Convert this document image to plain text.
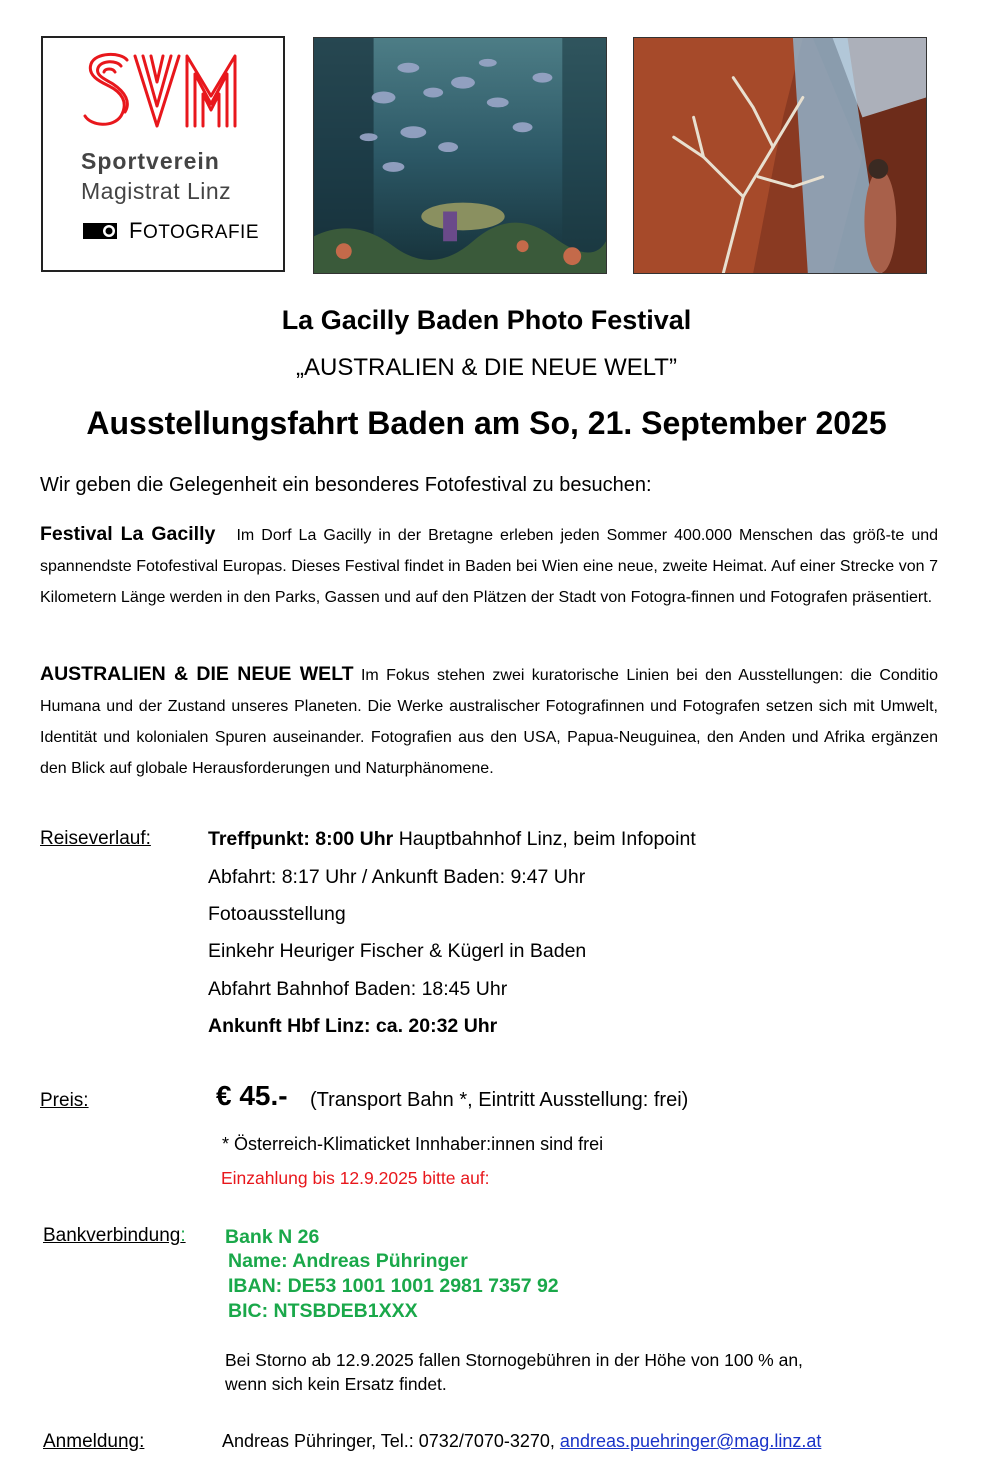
Sportverein
Magistrat Linz
FOTOGRAFIE
La Gacilly Baden Photo Festival
„AUSTRALIEN & DIE NEUE WELT”
Ausstellungsfahrt Baden am So, 21. September 2025
Wir geben die Gelegenheit ein besonderes Fotofestival zu besuchen:
Festival La Gacilly Im Dorf La Gacilly in der Bretagne erleben jeden Sommer 400.000 Menschen das größ-te und spannendste Fotofestival Europas. Dieses Festival findet in Baden bei Wien eine neue, zweite Heimat. Auf einer Strecke von 7 Kilometern Länge werden in den Parks, Gassen und auf den Plätzen der Stadt von Fotogra-finnen und Fotografen präsentiert.
AUSTRALIEN & DIE NEUE WELT Im Fokus stehen zwei kuratorische Linien bei den Ausstellungen: die Conditio Humana und der Zustand unseres Planeten. Die Werke australischer Fotografinnen und Fotografen setzen sich mit Umwelt, Identität und kolonialen Spuren auseinander. Fotografien aus den USA, Papua-Neuguinea, den Anden und Afrika ergänzen den Blick auf globale Herausforderungen und Naturphänomene.
Reiseverlauf:	Treffpunkt: 8:00 Uhr Hauptbahnhof Linz, beim Infopoint
Abfahrt: 8:17 Uhr / Ankunft Baden: 9:47 Uhr
Fotoausstellung
Einkehr Heuriger Fischer & Kügerl in Baden
Abfahrt Bahnhof Baden: 18:45 Uhr
Ankunft Hbf Linz: ca. 20:32 Uhr
Preis:	€ 45.- (Transport Bahn *, Eintritt Ausstellung: frei)
* Österreich-Klimaticket Innhaber:innen sind frei
Einzahlung bis 12.9.2025 bitte auf:
Bankverbindung: Bank N 26
Name: Andreas Pühringer
IBAN: DE53 1001 1001 2981 7357 92
BIC: NTSBDEB1XXX
Bei Storno ab 12.9.2025 fallen Stornogebühren in der Höhe von 100 % an,
wenn sich kein Ersatz findet.
Anmeldung:	Andreas Pühringer, Tel.: 0732/7070-3270, andreas.puehringer@mag.linz.at
